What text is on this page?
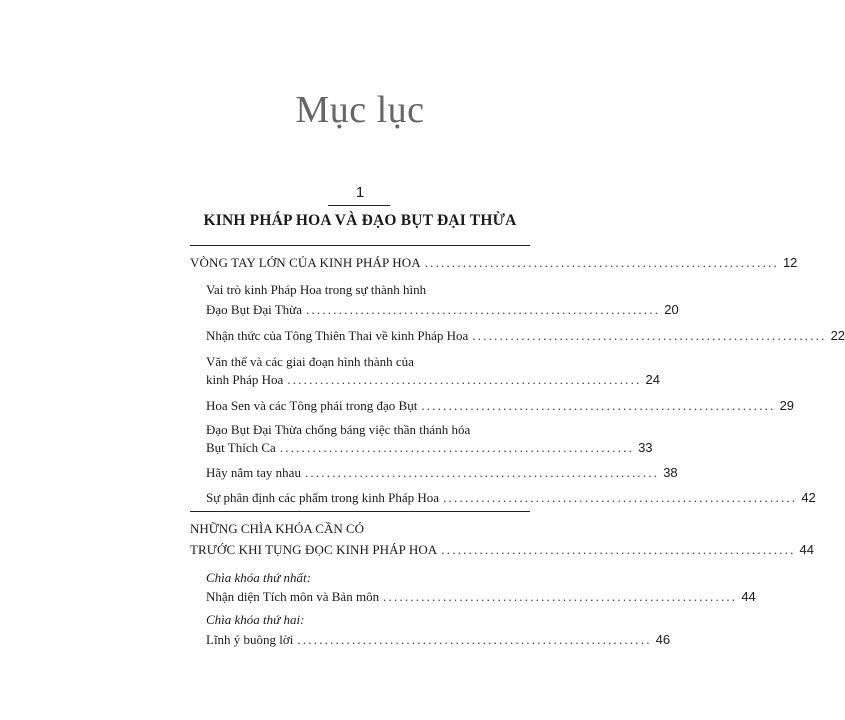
Mục lục
1
KINH PHÁP HOA VÀ ĐẠO BỤT ĐẠI THỪA
VÒNG TAY LỚN CỦA KINH PHÁP HOA ................................................................. 12
Vai trò kinh Pháp Hoa trong sự thành hình
Đạo Bụt Đại Thừa ................................................................. 20
Nhận thức của Tông Thiên Thai về kinh Pháp Hoa ................................................................. 22
Văn thể và các giai đoạn hình thành của
kinh Pháp Hoa ................................................................. 24
Hoa Sen và các Tông phái trong đạo Bụt ................................................................. 29
Đạo Bụt Đại Thừa chống báng việc thần thánh hóa
Bụt Thích Ca ................................................................. 33
Hãy nắm tay nhau ................................................................. 38
Sự phân định các phẩm trong kinh Pháp Hoa ................................................................. 42
NHỮNG CHÌA KHÓA CẦN CÓ
TRƯỚC KHI TỤNG ĐỌC KINH PHÁP HOA ................................................................. 44
Chìa khóa thứ nhất:
Nhận diện Tích môn và Bản môn ................................................................. 44
Chìa khóa thứ hai:
Lĩnh ý buông lời ................................................................. 46
